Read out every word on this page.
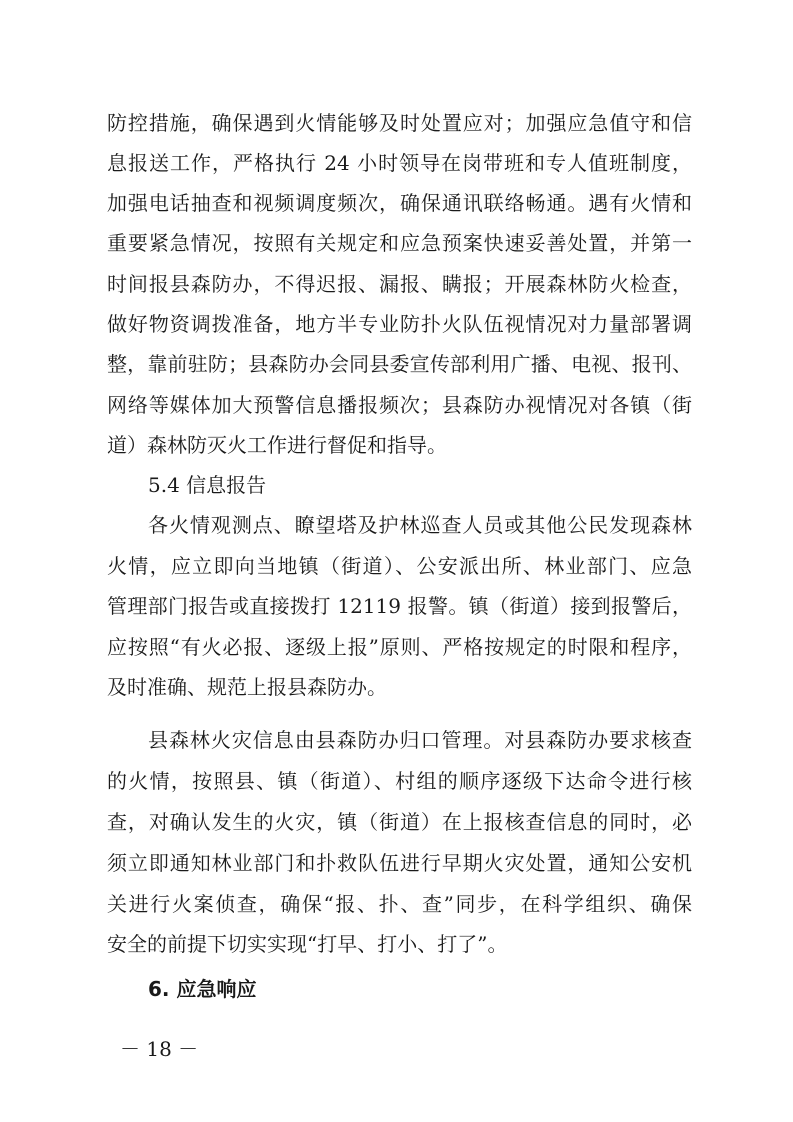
防控措施，确保遇到火情能够及时处置应对；加强应急值守和信
息报送工作，严格执行 24 小时领导在岗带班和专人值班制度，
加强电话抽查和视频调度频次，确保通讯联络畅通。遇有火情和
重要紧急情况，按照有关规定和应急预案快速妥善处置，并第一
时间报县森防办，不得迟报、漏报、瞒报；开展森林防火检查，
做好物资调拨准备，地方半专业防扑火队伍视情况对力量部署调
整，靠前驻防；县森防办会同县委宣传部利用广播、电视、报刊、
网络等媒体加大预警信息播报频次；县森防办视情况对各镇（街
道）森林防灭火工作进行督促和指导。
5.4 信息报告
各火情观测点、瞭望塔及护林巡查人员或其他公民发现森林
火情，应立即向当地镇（街道）、公安派出所、林业部门、应急
管理部门报告或直接拨打 12119 报警。镇（街道）接到报警后，
应按照“有火必报、逐级上报”原则、严格按规定的时限和程序，
及时准确、规范上报县森防办。
县森林火灾信息由县森防办归口管理。对县森防办要求核查
的火情，按照县、镇（街道）、村组的顺序逐级下达命令进行核
查，对确认发生的火灾，镇（街道）在上报核查信息的同时，必
须立即通知林业部门和扑救队伍进行早期火灾处置，通知公安机
关进行火案侦查，确保“报、扑、查”同步，在科学组织、确保
安全的前提下切实实现“打早、打小、打了”。
6. 应急响应
－ 18 －
